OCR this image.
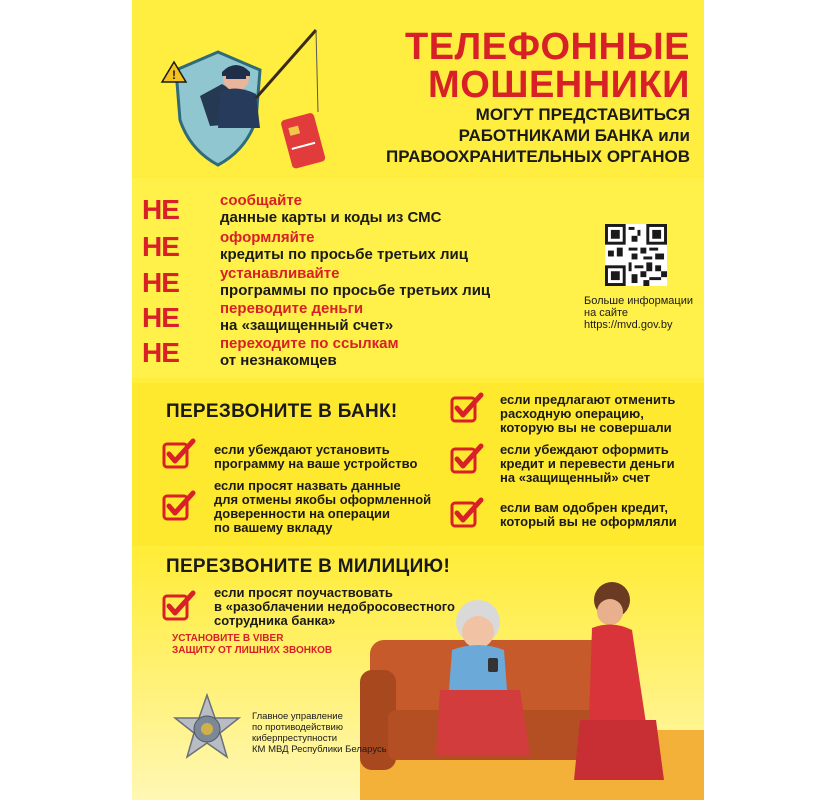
!
ТЕЛЕФОННЫЕ
МОШЕННИКИ
МОГУТ ПРЕДСТАВИТЬСЯ
РАБОТНИКАМИ БАНКА или
ПРАВООХРАНИТЕЛЬНЫХ ОРГАНОВ
НЕ	сообщайте
данные карты и коды из СМС
НЕ	оформляйте
кредиты по просьбе третьих лиц
НЕ	устанавливайте
программы по просьбе третьих лиц
НЕ	переводите деньги
на «защищенный счет»
НЕ	переходите по ссылкам
от незнакомцев
Больше информации
на сайте
https://mvd.gov.by
ПЕРЕЗВОНИТЕ В БАНК!
если убеждают установить
программу на ваше устройство
если просят назвать данные
для отмены якобы оформленной
доверенности на операции
по вашему вкладу
если предлагают отменить
расходную операцию,
которую вы не совершали
если убеждают оформить
кредит и перевести деньги
на «защищенный» счет
если вам одобрен кредит,
который вы не оформляли
ПЕРЕЗВОНИТЕ В МИЛИЦИЮ!
если просят поучаствовать
в «разоблачении недобросовестного
сотрудника банка»
УСТАНОВИТЕ В VIBER
ЗАЩИТУ ОТ ЛИШНИХ ЗВОНКОВ
Главное управление
по противодействию
киберпреступности
КМ МВД Республики Беларусь
